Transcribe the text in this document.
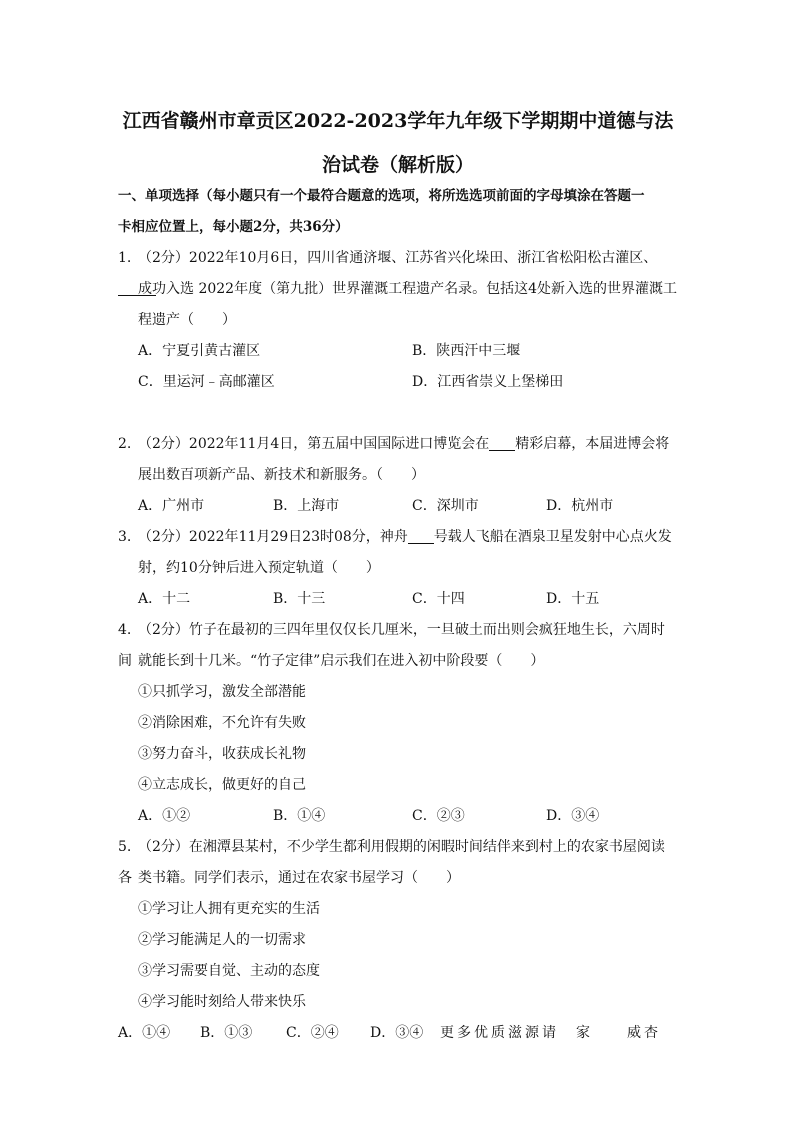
江西省赣州市章贡区2022-2023学年九年级下学期期中道德与法
治试卷（解析版）
一、单项选择（每小题只有一个最符合题意的选项，将所选选项前面的字母填涂在答题一
卡相应位置上，每小题2分，共36分）
1. （2分）2022年10月6日，四川省通济堰、江苏省兴化垛田、浙江省松阳松古灌区、
成功入选 2022年度（第九批）世界灌溉工程遗产名录。包括这4处新入选的世界灌溉工
程遗产（　　）
A．宁夏引黄古灌区	B．陕西汗中三堰
C．里运河﹣高邮灌区	D．江西省崇义上堡梯田
2. （2分）2022年11月4日，第五届中国国际进口博览会在 精彩启幕，本届进博会将
展出数百项新产品、新技术和新服务。（　　）
A．广州市	B．上海市	C．深圳市	D．杭州市
3. （2分）2022年11月29日23时08分，神舟 号载人飞船在酒泉卫星发射中心点火发
射，约10分钟后进入预定轨道（　　）
A．十二	B．十三	C．十四	D．十五
4. （2分）竹子在最初的三四年里仅仅长几厘米，一旦破土而出则会疯狂地生长，六周时间 就能长到十几米。“竹子定律”启示我们在进入初中阶段要（　　）
①只抓学习，激发全部潜能
②消除困难，不允许有失败
③努力奋斗，收获成长礼物
④立志成长，做更好的自己
A．①②	B．①④	C．②③	D．③④
5. （2分）在湘潭县某村，不少学生都利用假期的闲暇时间结伴来到村上的农家书屋阅读各 类书籍。同学们表示，通过在农家书屋学习（　　）
①学习让人拥有更充实的生活
②学习能满足人的一切需求
③学习需要自觉、主动的态度
④学习能时刻给人带来快乐
A．①④ B．①③ C．②④ D．③④ 更多优质滋源请　家　　威杏
